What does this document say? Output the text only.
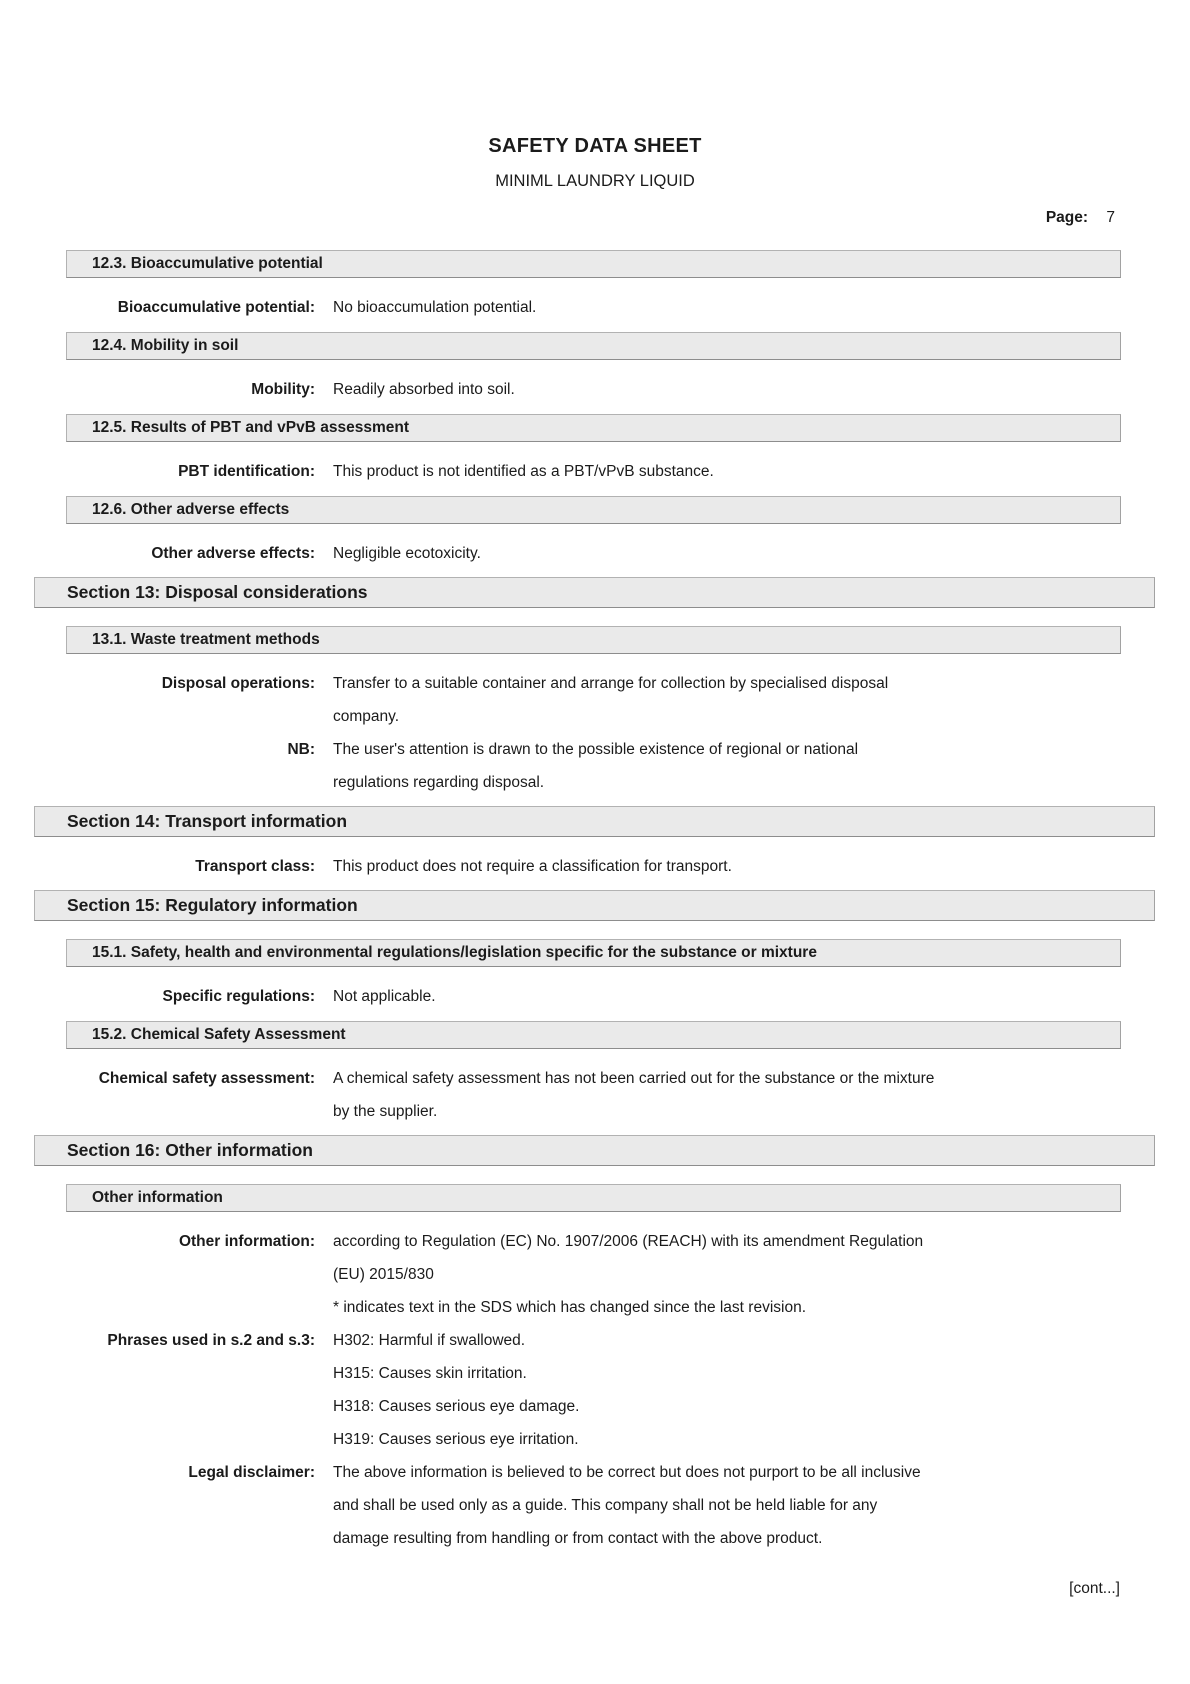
SAFETY DATA SHEET
MINIML LAUNDRY LIQUID
Page: 7
12.3. Bioaccumulative potential
Bioaccumulative potential: No bioaccumulation potential.
12.4. Mobility in soil
Mobility: Readily absorbed into soil.
12.5. Results of PBT and vPvB assessment
PBT identification: This product is not identified as a PBT/vPvB substance.
12.6. Other adverse effects
Other adverse effects: Negligible ecotoxicity.
Section 13: Disposal considerations
13.1. Waste treatment methods
Disposal operations: Transfer to a suitable container and arrange for collection by specialised disposal
company.
NB: The user's attention is drawn to the possible existence of regional or national
regulations regarding disposal.
Section 14: Transport information
Transport class: This product does not require a classification for transport.
Section 15: Regulatory information
15.1. Safety, health and environmental regulations/legislation specific for the substance or mixture
Specific regulations: Not applicable.
15.2. Chemical Safety Assessment
Chemical safety assessment: A chemical safety assessment has not been carried out for the substance or the mixture
by the supplier.
Section 16: Other information
Other information
Other information: according to Regulation (EC) No. 1907/2006 (REACH) with its amendment Regulation
(EU) 2015/830
* indicates text in the SDS which has changed since the last revision.
Phrases used in s.2 and s.3: H302: Harmful if swallowed.
H315: Causes skin irritation.
H318: Causes serious eye damage.
H319: Causes serious eye irritation.
Legal disclaimer: The above information is believed to be correct but does not purport to be all inclusive
and shall be used only as a guide. This company shall not be held liable for any
damage resulting from handling or from contact with the above product.
[cont...]
